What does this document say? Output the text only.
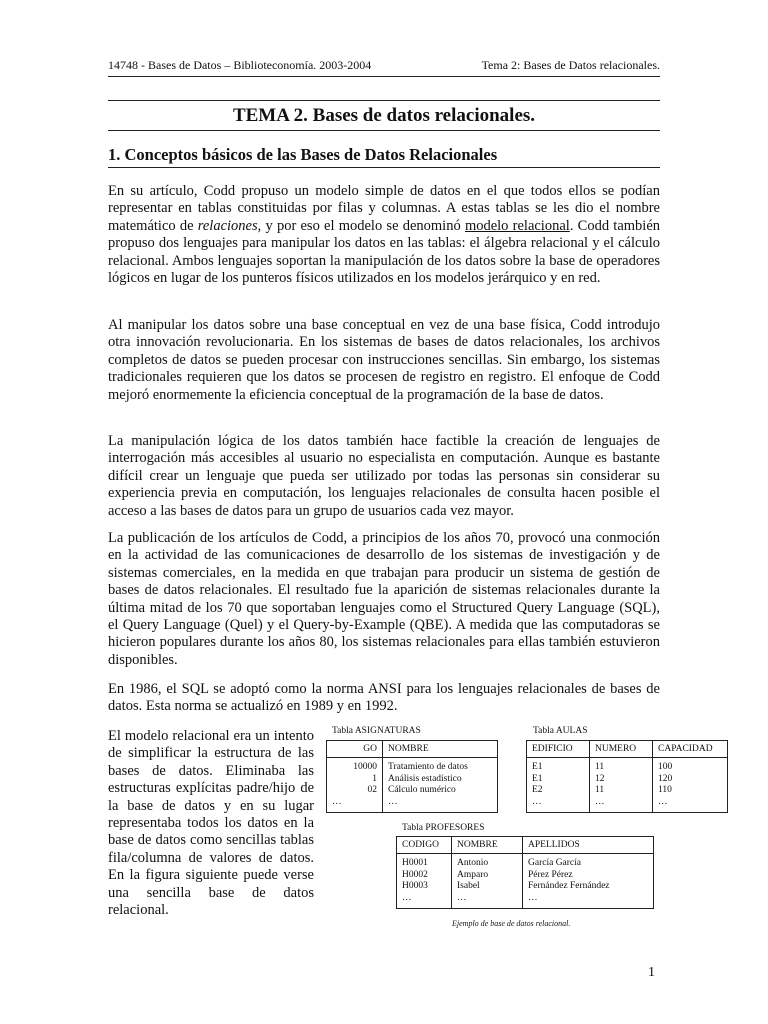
14748 - Bases de Datos – Biblioteconomía. 2003-2004	Tema 2: Bases de Datos relacionales.
TEMA 2. Bases de datos relacionales.
1. Conceptos básicos de las Bases de Datos Relacionales

En su artículo, Codd propuso un modelo simple de datos en el que todos ellos se podían representar en tablas constituidas por filas y columnas. A estas tablas se les dio el nombre matemático de relaciones, y por eso el modelo se denominó modelo relacional. Codd también propuso dos lenguajes para manipular los datos en las tablas: el álgebra relacional y el cálculo relacional. Ambos lenguajes soportan la manipulación de los datos sobre la base de operadores lógicos en lugar de los punteros físicos utilizados en los modelos jerárquico y en red.

Al manipular los datos sobre una base conceptual en vez de una base física, Codd introdujo otra innovación revolucionaria. En los sistemas de bases de datos relacionales, los archivos completos de datos se pueden procesar con instrucciones sencillas. Sin embargo, los sistemas tradicionales requieren que los datos se procesen de registro en registro. El enfoque de Codd mejoró enormemente la eficiencia conceptual de la programación de la base de datos.

La manipulación lógica de los datos también hace factible la creación de lenguajes de interrogación más accesibles al usuario no especialista en computación. Aunque es bastante difícil crear un lenguaje que pueda ser utilizado por todas las personas sin considerar su experiencia previa en computación, los lenguajes relacionales de consulta hacen posible el acceso a las bases de datos para un grupo de usuarios cada vez mayor.

La publicación de los artículos de Codd, a principios de los años 70, provocó una conmoción en la actividad de las comunicaciones de desarrollo de los sistemas de investigación y de sistemas comerciales, en la medida en que trabajan para producir un sistema de gestión de bases de datos relacionales. El resultado fue la aparición de sistemas relacionales durante la última mitad de los 70 que soportaban lenguajes como el Structured Query Language (SQL), el Query Language (Quel) y el Query-by-Example (QBE). A medida que las computadoras se hicieron populares durante los años 80, los sistemas relacionales para ellas también estuvieron disponibles.

En 1986, el SQL se adoptó como la norma ANSI para los lenguajes relacionales de bases de datos. Esta norma se actualizó en 1989 y en 1992.

El modelo relacional era un intento de simplificar la estructura de las bases de datos. Eliminaba las estructuras explícitas padre/hijo de la base de datos y en su lugar representaba todos los datos en la base de datos como sencillas tablas fila/columna de valores de datos. En la figura siguiente puede verse una sencilla base de datos relacional.

Tabla ASIGNATURAS
GO	NOMBRE
10000	Tratamiento de datos
1	Análisis estadístico
02	Cálculo numérico
…	…
Tabla AULAS
EDIFICIO	NUMERO	CAPACIDAD
E1	11	100
E1	12	120
E2	11	110
…	…	…
Tabla PROFESORES
CODIGO	NOMBRE	APELLIDOS
H0001	Antonio	García García
H0002	Amparo	Pérez Pérez
H0003	Isabel	Fernández Fernández
…	…	…
Ejemplo de base de datos relacional.
1
